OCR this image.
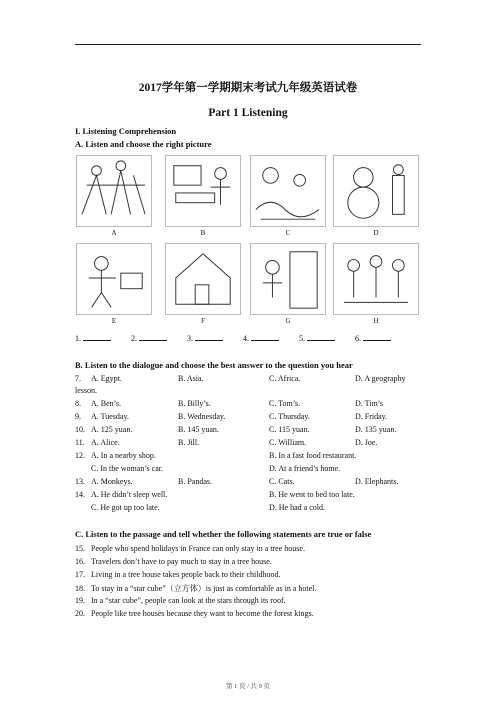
2017学年第一学期期末考试九年级英语试卷
Part 1 Listening
I. Listening Comprehension
A. Listen and choose the right picture
A	B	C	D
E	F	G	H
1.	2.	3.	4.	5.	6.
B. Listen to the dialogue and choose the best answer to the question you hear
7. A. Egypt.	B. Asia.	C. Africa.	D. A geography
lesson.
8. A. Ben’s.	B. Billy’s.	C. Tom’s.	D. Tim’s
9. A. Tuesday.	B. Wednesday.	C. Thursday.	D. Friday.
10. A. 125 yuan.	B. 145 yuan.	C. 115 yuan.	D. 135 yuan.
11. A. Alice.	B. Jill.	C. William.	D. Joe.
12. A. In a nearby shop.	B. In a fast food restaurant.
C. In the woman’s car.	D. At a friend’s home.
13. A. Monkeys.	B. Pandas.	C. Cats.	D. Elephants.
14. A. He didn’t sleep well.	B. He went to bed too late.
C. He got up too late.	D. He had a cold.
C. Listen to the passage and tell whether the following statements are true or false
15. People who spend holidays in France can only stay in a tree house.
16. Travelers don’t have to pay much to stay in a tree house.
17. Living in a tree house takes people back to their childhood.
18. To stay in a “star cube”（立方体）is just as comfortable as in a hotel.
19. In a “star cube”, people can look at the stars through its roof.
20. People like tree houses because they want to become the forest kings.
第 1 页 / 共 9 页
